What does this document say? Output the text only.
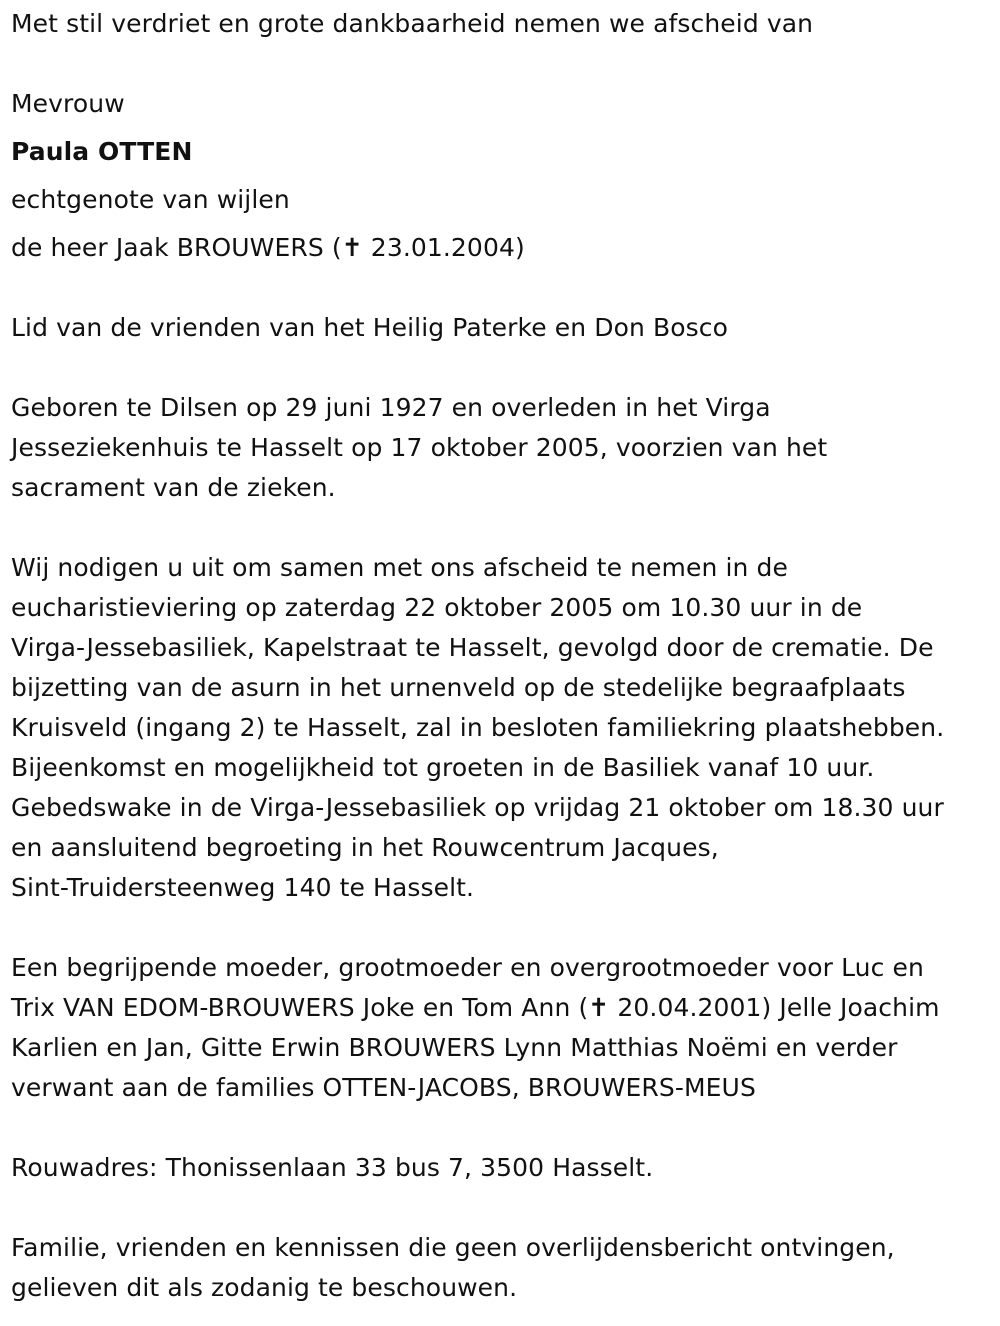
Met stil verdriet en grote dankbaarheid nemen we afscheid van

Mevrouw

Paula OTTEN

echtgenote van wijlen

de heer Jaak BROUWERS (✝ 23.01.2004)

Lid van de vrienden van het Heilig Paterke en Don Bosco

Geboren te Dilsen op 29 juni 1927 en overleden in het Virga

Jesseziekenhuis te Hasselt op 17 oktober 2005, voorzien van het

sacrament van de zieken.

Wij nodigen u uit om samen met ons afscheid te nemen in de

eucharistieviering op zaterdag 22 oktober 2005 om 10.30 uur in de

Virga-Jessebasiliek, Kapelstraat te Hasselt, gevolgd door de crematie. De

bijzetting van de asurn in het urnenveld op de stedelijke begraafplaats

Kruisveld (ingang 2) te Hasselt, zal in besloten familiekring plaatshebben.

Bijeenkomst en mogelijkheid tot groeten in de Basiliek vanaf 10 uur.

Gebedswake in de Virga-Jessebasiliek op vrijdag 21 oktober om 18.30 uur

en aansluitend begroeting in het Rouwcentrum Jacques,

Sint-Truidersteenweg 140 te Hasselt.

Een begrijpende moeder, grootmoeder en overgrootmoeder voor Luc en

Trix VAN EDOM-BROUWERS Joke en Tom Ann (✝ 20.04.2001) Jelle Joachim

Karlien en Jan, Gitte Erwin BROUWERS Lynn Matthias Noëmi en verder

verwant aan de families OTTEN-JACOBS, BROUWERS-MEUS

Rouwadres: Thonissenlaan 33 bus 7, 3500 Hasselt.

Familie, vrienden en kennissen die geen overlijdensbericht ontvingen,

gelieven dit als zodanig te beschouwen.
